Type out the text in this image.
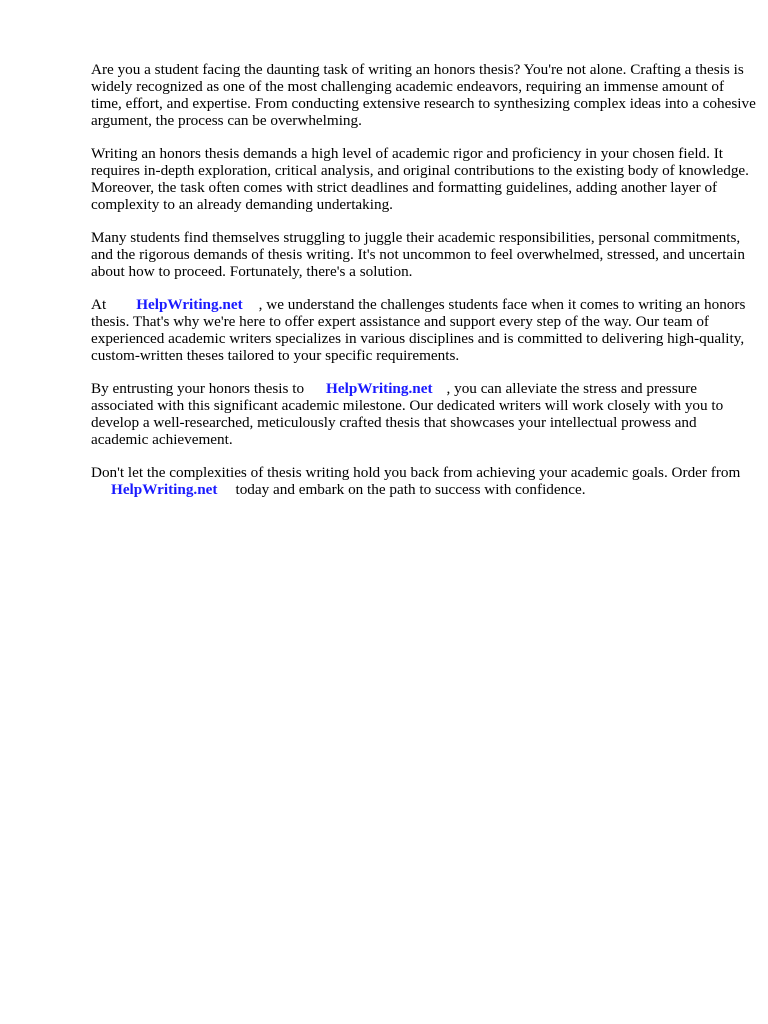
Are you a student facing the daunting task of writing an honors thesis? You're not alone. Crafting a thesis is widely recognized as one of the most challenging academic endeavors, requiring an immense amount of time, effort, and expertise. From conducting extensive research to synthesizing complex ideas into a cohesive argument, the process can be overwhelming.

Writing an honors thesis demands a high level of academic rigor and proficiency in your chosen field. It requires in-depth exploration, critical analysis, and original contributions to the existing body of knowledge. Moreover, the task often comes with strict deadlines and formatting guidelines, adding another layer of complexity to an already demanding undertaking.

Many students find themselves struggling to juggle their academic responsibilities, personal commitments, and the rigorous demands of thesis writing. It's not uncommon to feel overwhelmed, stressed, and uncertain about how to proceed. Fortunately, there's a solution.

At HelpWriting.net , we understand the challenges students face when it comes to writing an honors thesis. That's why we're here to offer expert assistance and support every step of the way. Our team of experienced academic writers specializes in various disciplines and is committed to delivering high-quality, custom-written theses tailored to your specific requirements.

By entrusting your honors thesis to HelpWriting.net , you can alleviate the stress and pressure associated with this significant academic milestone. Our dedicated writers will work closely with you to develop a well-researched, meticulously crafted thesis that showcases your intellectual prowess and academic achievement.

Don't let the complexities of thesis writing hold you back from achieving your academic goals. Order fromHelpWriting.net today and embark on the path to success with confidence.
